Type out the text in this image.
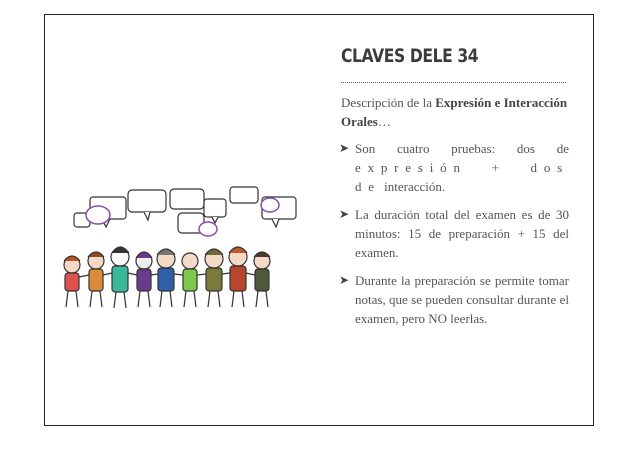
CLAVES DELE 34
Descripción de la Expresión e Interacción Orales…
➤ Son cuatro pruebas: dos de expresión + dos de interacción.
➤ La duración total del examen es de 30 minutos: 15 de preparación + 15 del examen.
➤ Durante la preparación se permite tomar notas, que se pueden consultar durante el examen, pero NO leerlas.
